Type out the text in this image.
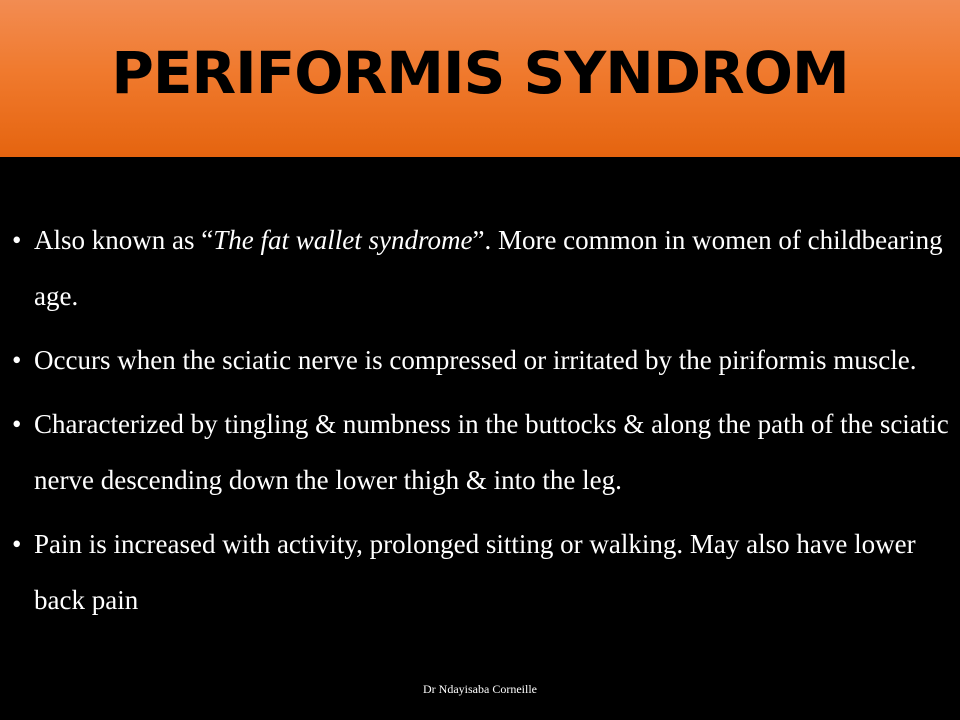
PERIFORMIS SYNDROM
• Also known as “The fat wallet syndrome”. More common in women of childbearing age.
• Occurs when the sciatic nerve is compressed or irritated by the piriformis muscle.
• Characterized by tingling & numbness in the buttocks & along the path of the sciatic nerve descending down the lower thigh & into the leg.
• Pain is increased with activity, prolonged sitting or walking. May also have lower back pain
Dr Ndayisaba Corneille
